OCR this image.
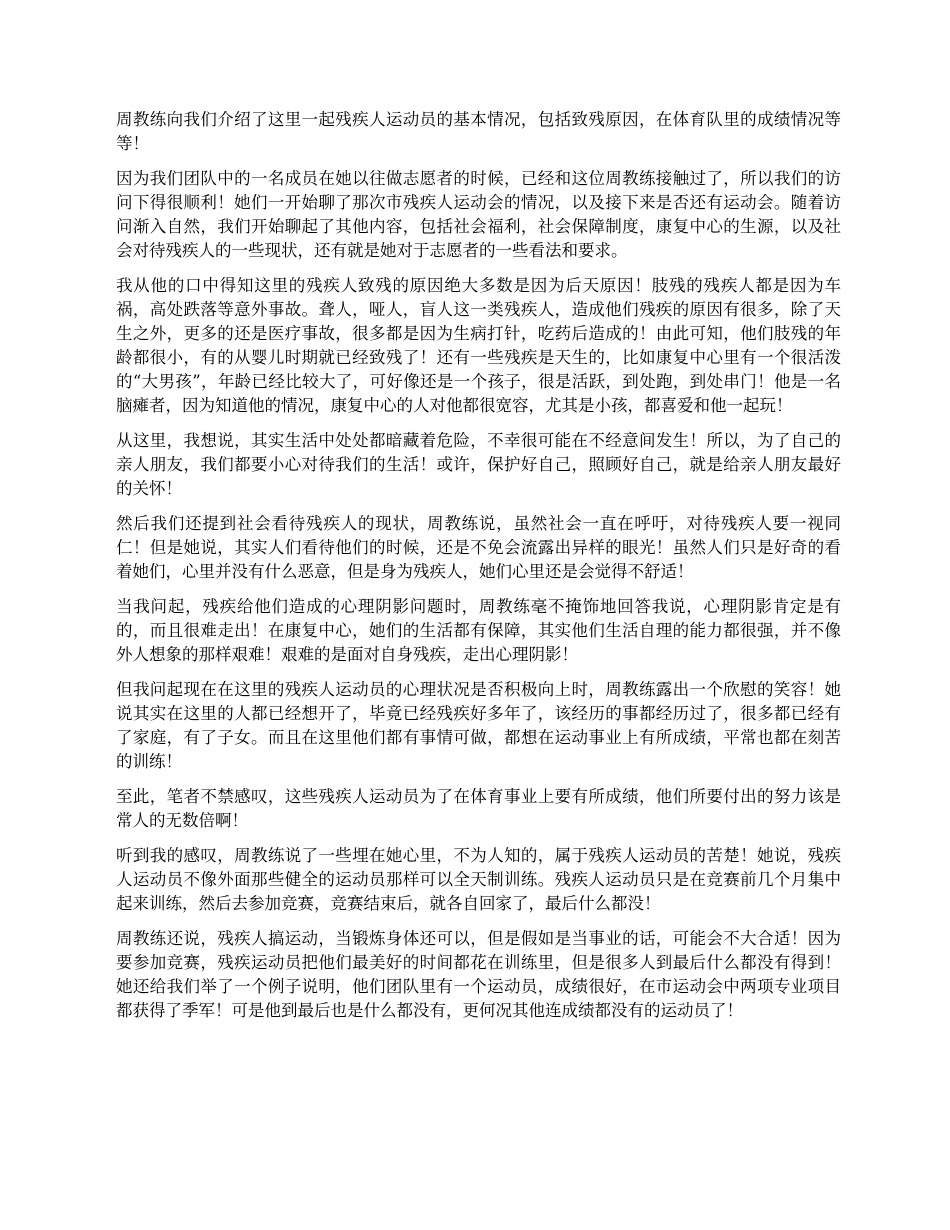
周教练向我们介绍了这里一起残疾人运动员的基本情况，包括致残原因，在体育队里的成绩情况等等！

因为我们团队中的一名成员在她以往做志愿者的时候，已经和这位周教练接触过了，所以我们的访问下得很顺利！她们一开始聊了那次市残疾人运动会的情况，以及接下来是否还有运动会。随着访问渐入自然，我们开始聊起了其他内容，包括社会福利，社会保障制度，康复中心的生源，以及社会对待残疾人的一些现状，还有就是她对于志愿者的一些看法和要求。

我从他的口中得知这里的残疾人致残的原因绝大多数是因为后天原因！肢残的残疾人都是因为车祸，高处跌落等意外事故。聋人，哑人，盲人这一类残疾人，造成他们残疾的原因有很多，除了天生之外，更多的还是医疗事故，很多都是因为生病打针，吃药后造成的！由此可知，他们肢残的年龄都很小，有的从婴儿时期就已经致残了！还有一些残疾是天生的，比如康复中心里有一个很活泼的“大男孩”，年龄已经比较大了，可好像还是一个孩子，很是活跃，到处跑，到处串门！他是一名脑瘫者，因为知道他的情况，康复中心的人对他都很宽容，尤其是小孩，都喜爱和他一起玩！

从这里，我想说，其实生活中处处都暗藏着危险，不幸很可能在不经意间发生！所以，为了自己的亲人朋友，我们都要小心对待我们的生活！或许，保护好自己，照顾好自己，就是给亲人朋友最好的关怀！

然后我们还提到社会看待残疾人的现状，周教练说，虽然社会一直在呼吁，对待残疾人要一视同仁！但是她说，其实人们看待他们的时候，还是不免会流露出异样的眼光！虽然人们只是好奇的看着她们，心里并没有什么恶意，但是身为残疾人，她们心里还是会觉得不舒适！

当我问起，残疾给他们造成的心理阴影问题时，周教练毫不掩饰地回答我说，心理阴影肯定是有的，而且很难走出！在康复中心，她们的生活都有保障，其实他们生活自理的能力都很强，并不像外人想象的那样艰难！艰难的是面对自身残疾，走出心理阴影！

但我问起现在在这里的残疾人运动员的心理状况是否积极向上时，周教练露出一个欣慰的笑容！她说其实在这里的人都已经想开了，毕竟已经残疾好多年了，该经历的事都经历过了，很多都已经有了家庭，有了子女。而且在这里他们都有事情可做，都想在运动事业上有所成绩，平常也都在刻苦的训练！

至此，笔者不禁感叹，这些残疾人运动员为了在体育事业上要有所成绩，他们所要付出的努力该是常人的无数倍啊！

听到我的感叹，周教练说了一些埋在她心里，不为人知的，属于残疾人运动员的苦楚！她说，残疾人运动员不像外面那些健全的运动员那样可以全天制训练。残疾人运动员只是在竞赛前几个月集中起来训练，然后去参加竞赛，竞赛结束后，就各自回家了，最后什么都没！

周教练还说，残疾人搞运动，当锻炼身体还可以，但是假如是当事业的话，可能会不大合适！因为要参加竞赛，残疾运动员把他们最美好的时间都花在训练里，但是很多人到最后什么都没有得到！她还给我们举了一个例子说明，他们团队里有一个运动员，成绩很好，在市运动会中两项专业项目都获得了季军！可是他到最后也是什么都没有，更何况其他连成绩都没有的运动员了！
